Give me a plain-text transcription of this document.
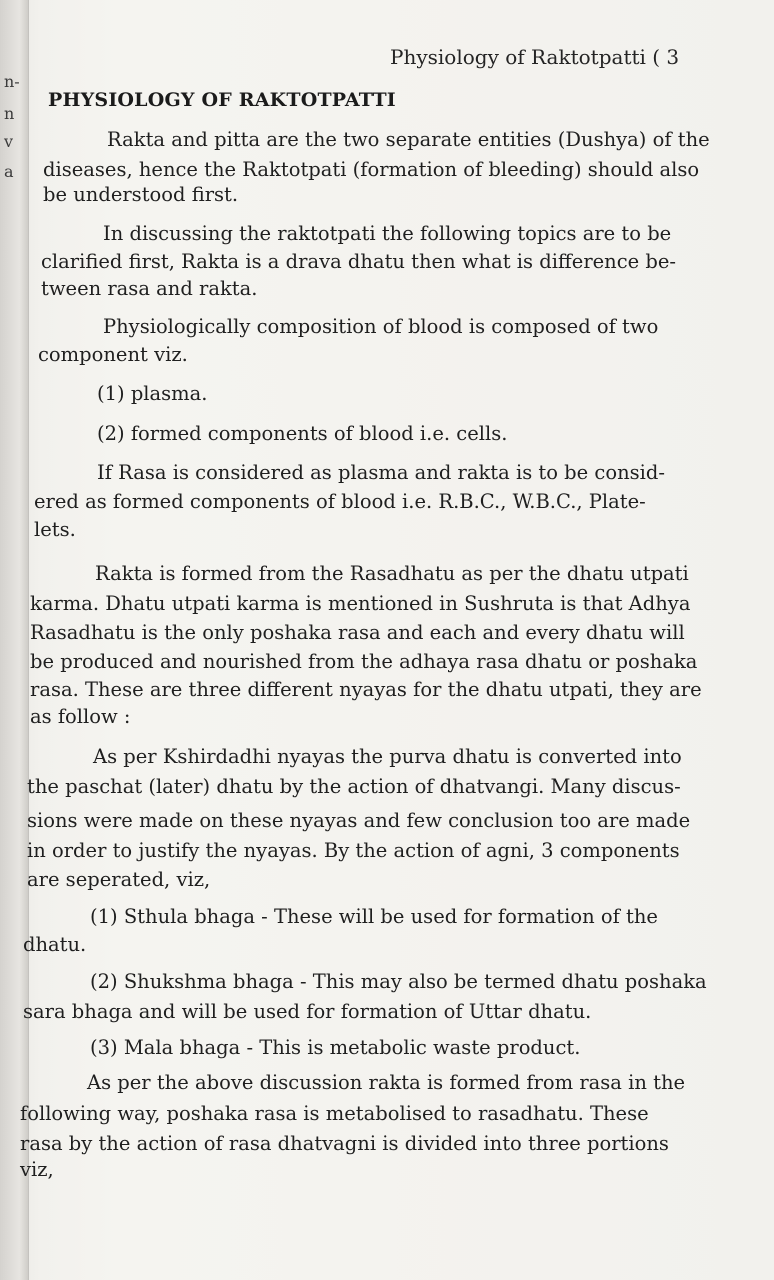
n-
n
v
a
Physiology of Raktotpatti ( 3
PHYSIOLOGY OF RAKTOTPATTI
Rakta and pitta are the two separate entities (Dushya) of the
diseases, hence the Raktotpati (formation of bleeding) should also
be understood first.
In discussing the raktotpati the following topics are to be
clarified first, Rakta is a drava dhatu then what is difference be-
tween rasa and rakta.
Physiologically composition of blood is composed of two
component viz.
(1) plasma.
(2) formed components of blood i.e. cells.
If Rasa is considered as plasma and rakta is to be consid-
ered as formed components of blood i.e. R.B.C., W.B.C., Plate-
lets.
Rakta is formed from the Rasadhatu as per the dhatu utpati
karma. Dhatu utpati karma is mentioned in Sushruta is that Adhya
Rasadhatu is the only poshaka rasa and each and every dhatu will
be produced and nourished from the adhaya rasa dhatu or poshaka
rasa. These are three different nyayas for the dhatu utpati, they are
as follow :
As per Kshirdadhi nyayas the purva dhatu is converted into
the paschat (later) dhatu by the action of dhatvangi. Many discus-
sions were made on these nyayas and few conclusion too are made
in order to justify the nyayas. By the action of agni, 3 components
are seperated, viz,
(1) Sthula bhaga - These will be used for formation of the
dhatu.
(2) Shukshma bhaga - This may also be termed dhatu poshaka
sara bhaga and will be used for formation of Uttar dhatu.
(3) Mala bhaga - This is metabolic waste product.
As per the above discussion rakta is formed from rasa in the
following way, poshaka rasa is metabolised to rasadhatu. These
rasa by the action of rasa dhatvagni is divided into three portions
viz,
